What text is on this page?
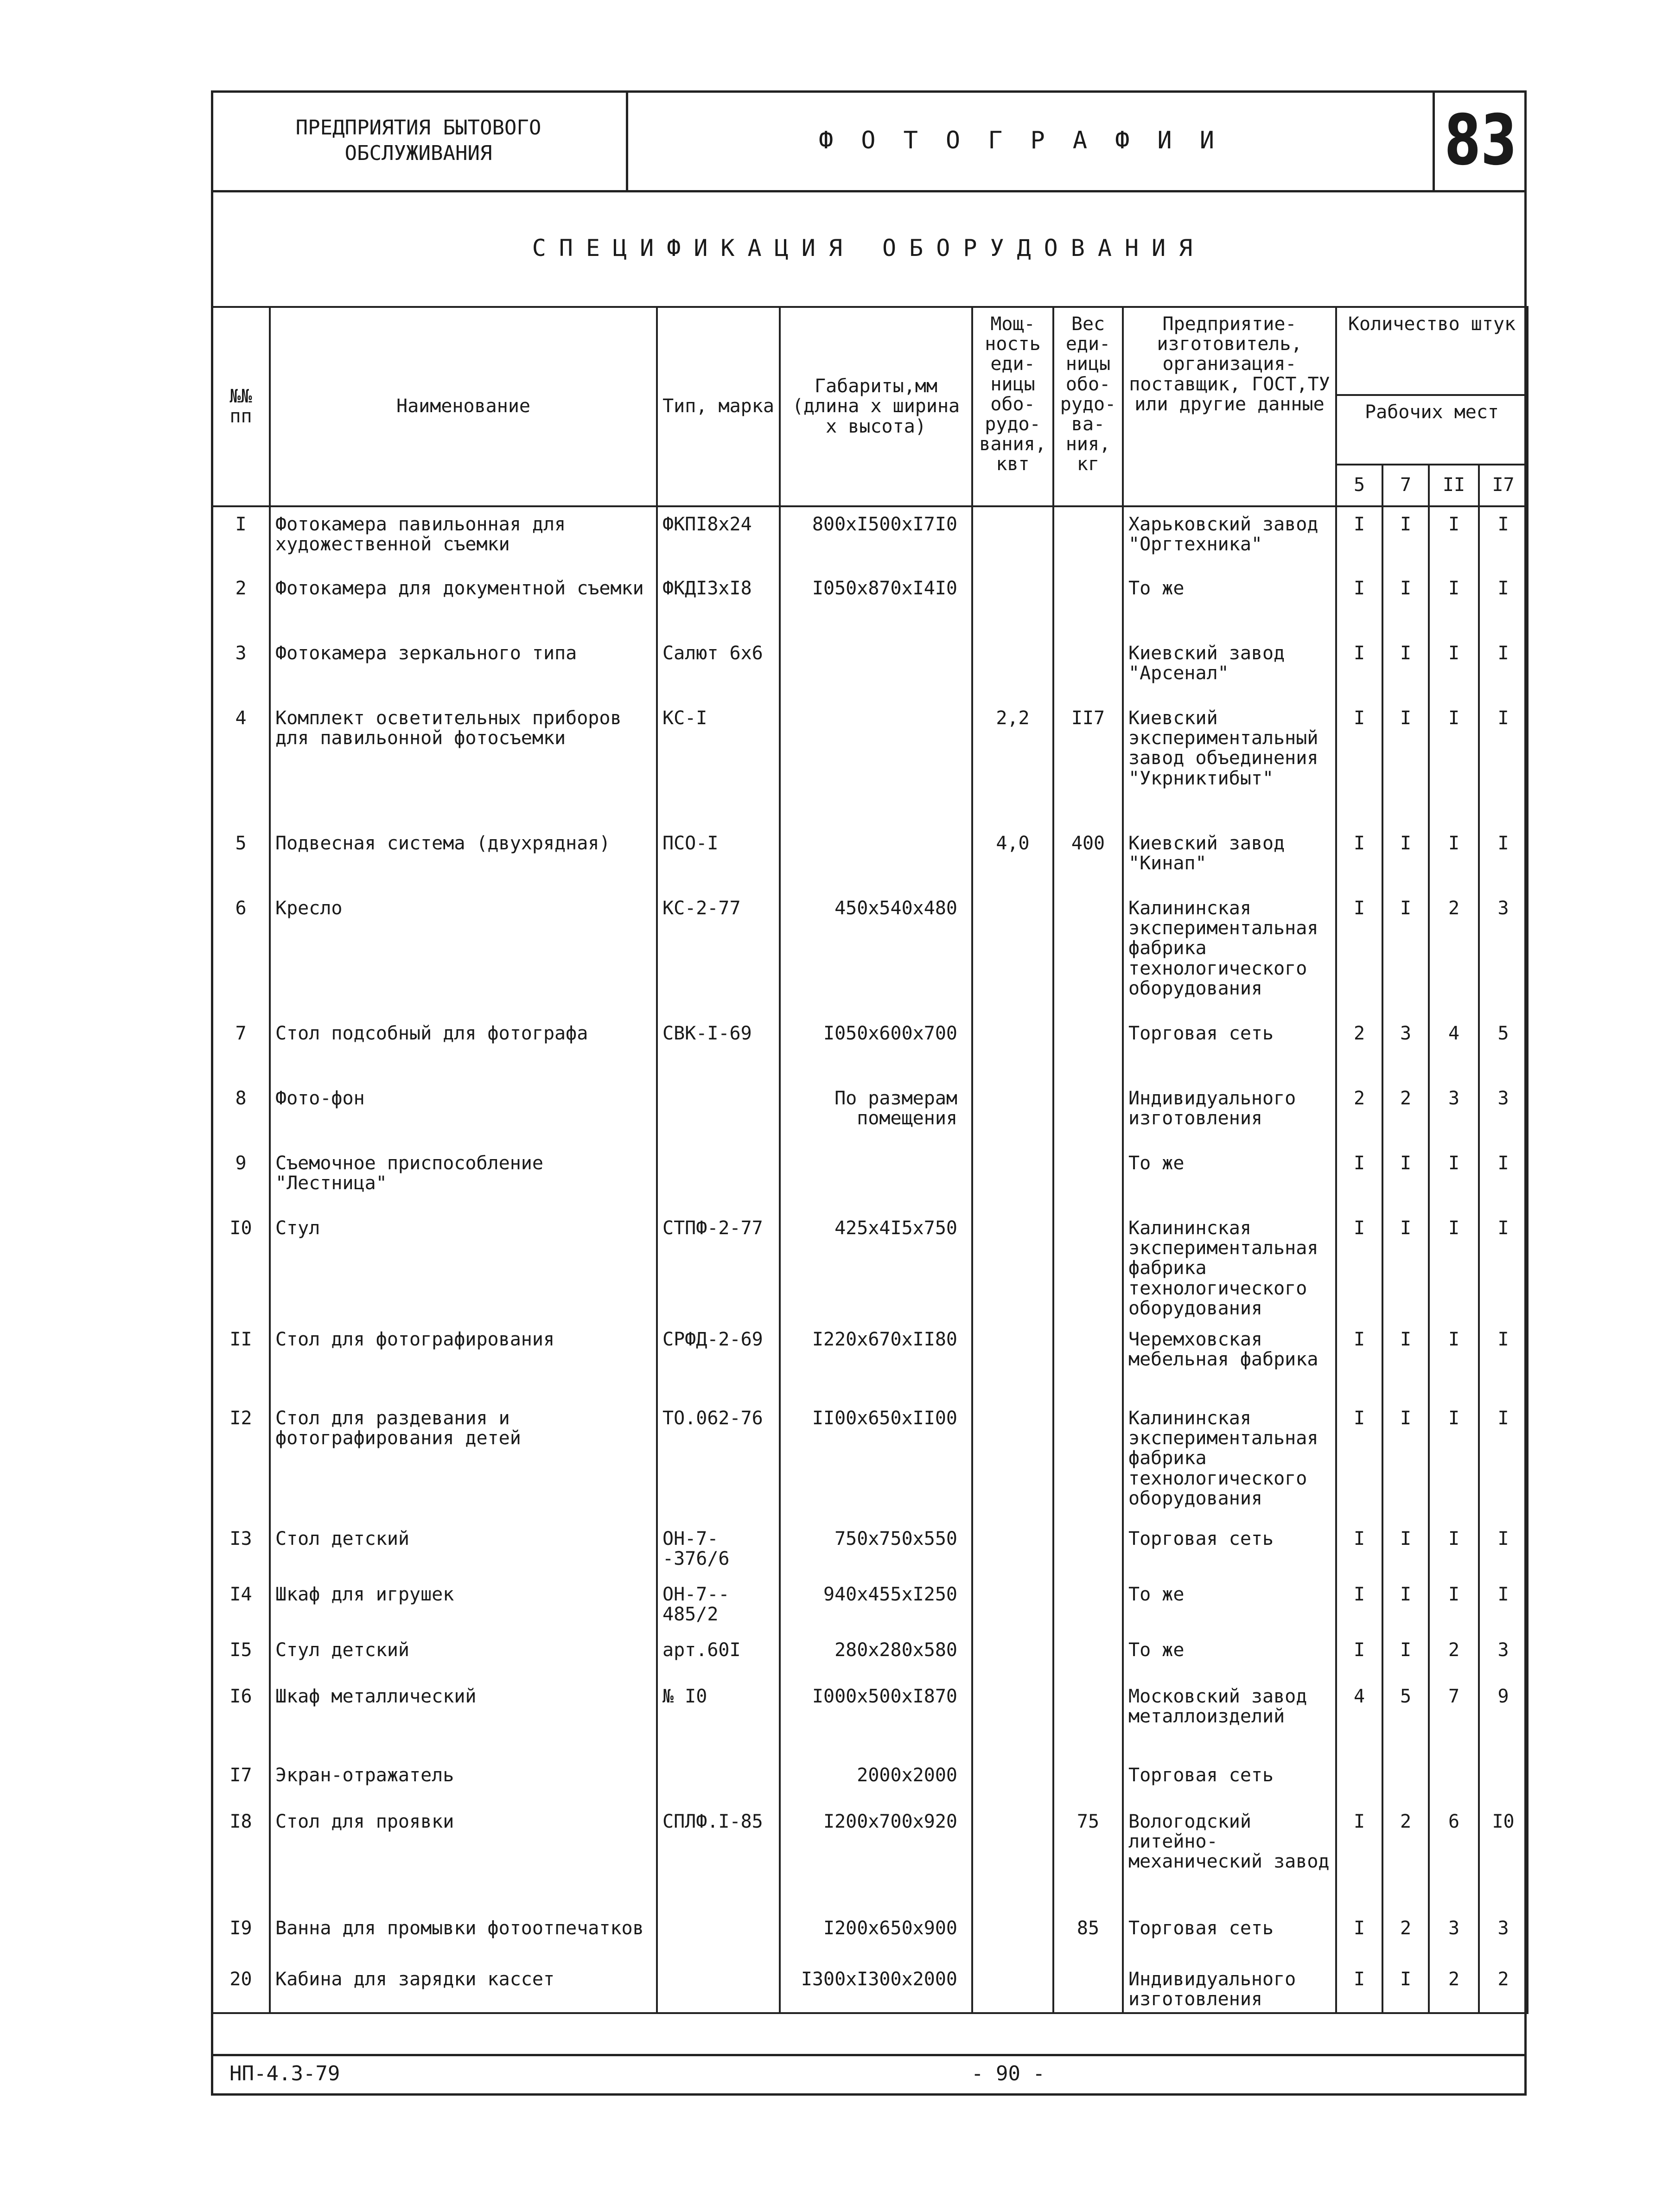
ПРЕДПРИЯТИЯ БЫТОВОГО
ОБСЛУЖИВАНИЯ	ФОТОГРАФИИ	83
СПЕЦИФИКАЦИЯ ОБОРУДОВАНИЯ
№№ пп	Наименование	Тип, марка	Габариты,мм (длина х ширина х высота)	Мощ-ность еди-ницы обо-рудо-вания, квт	Вес еди-ницы обо-рудо-ва-ния, кг	Предприятие-изготовитель, организация-поставщик, ГОСТ,ТУ или другие данные	Количество штук			
							Рабочих мест			
							5	7	II	I7
I	Фотокамера павильонная для художественной съемки	ФКПI8х24	800хI500хI7I0			Харьковский завод "Оргтехника"	I	I	I	I
2	Фотокамера для документной съемки	ФКДI3хI8	I050х870хI4I0			То же	I	I	I	I
3	Фотокамера зеркального типа	Салют 6х6				Киевский завод "Арсенал"	I	I	I	I
4	Комплект осветительных приборов для павильонной фотосъемки	КС-I		2,2	II7	Киевский экспериментальный завод объединения "Укрниктибыт"	I	I	I	I
5	Подвесная система (двухрядная)	ПСО-I		4,0	400	Киевский завод "Кинап"	I	I	I	I
6	Кресло	КС-2-77	450х540х480			Калининская экспериментальная фабрика технологического оборудования	I	I	2	3
7	Стол подсобный для фотографа	СВК-I-69	I050х600х700			Торговая сеть	2	3	4	5
8	Фото-фон		По размерам помещения			Индивидуального изготовления	2	2	3	3
9	Съемочное приспособление "Лестница"					То же	I	I	I	I
I0	Стул	СТПФ-2-77	425х4I5х750			Калининская экспериментальная фабрика технологического оборудования	I	I	I	I
II	Стол для фотографирования	СРФД-2-69	I220х670хII80			Черемховская мебельная фабрика	I	I	I	I
I2	Стол для раздевания и фотографирования детей	ТО.062-76	II00х650хII00			Калининская экспериментальная фабрика технологического оборудования	I	I	I	I
I3	Стол детский	ОН-7--376/6	750х750х550			Торговая сеть	I	I	I	I
I4	Шкаф для игрушек	ОН-7-- 485/2	940х455хI250			То же	I	I	I	I
I5	Стул детский	арт.60I	280х280х580			То же	I	I	2	3
I6	Шкаф металлический	№ I0	I000х500хI870			Московский завод металлоизделий	4	5	7	9
I7	Экран-отражатель		2000х2000			Торговая сеть				
I8	Стол для проявки	СПЛФ.I-85	I200х700х920		75	Вологодский литейно-механический завод	I	2	6	I0
I9	Ванна для промывки фотоотпечатков		I200х650х900		85	Торговая сеть	I	2	3	3
20	Кабина для зарядки кассет		I300хI300х2000			Индивидуального изготовления	I	I	2	2
НП-4.3-79	- 90 -
